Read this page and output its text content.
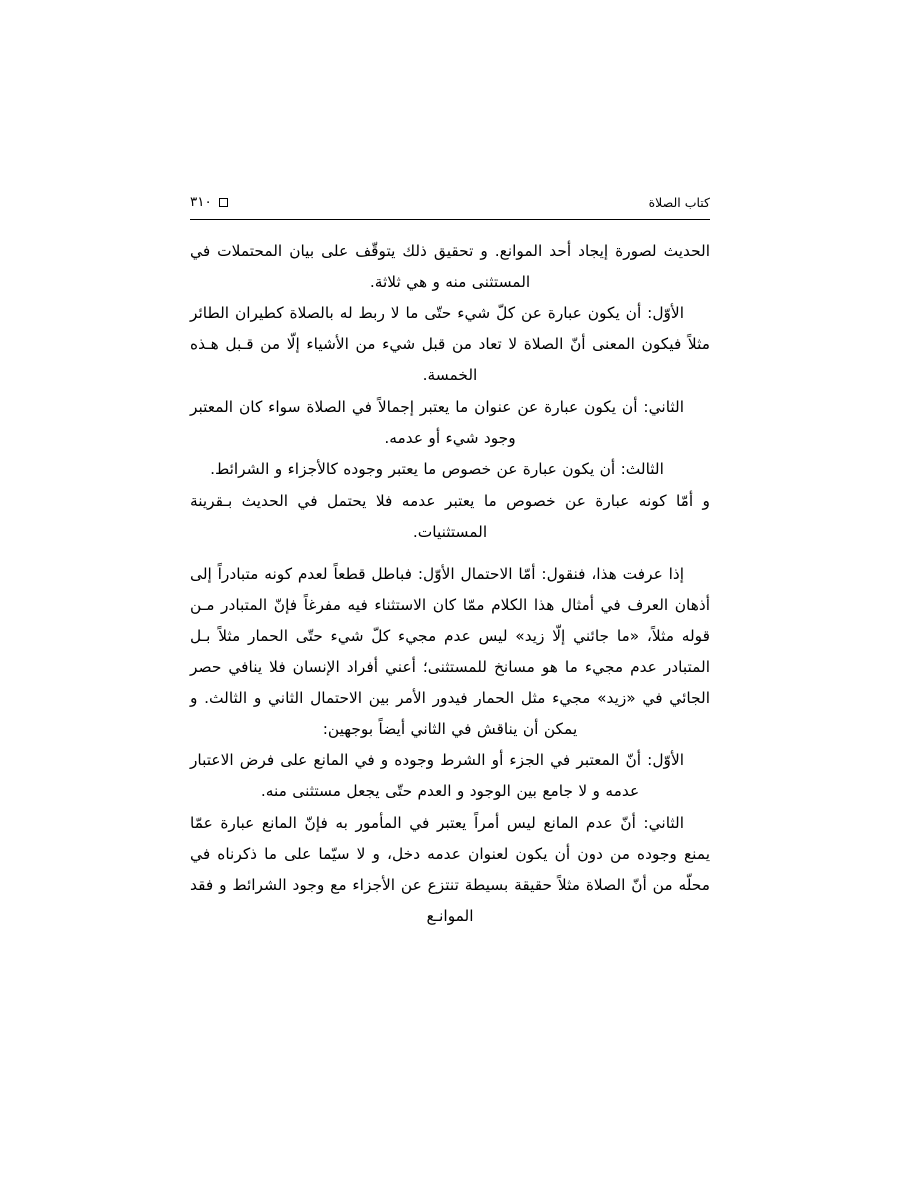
كتاب الصلاة
٣١٠

الحديث لصورة إيجاد أحد الموانع. و تحقيق ذلك يتوقّف على بيان المحتملات في المستثنى منه و هي ثلاثة.

الأوّل: أن يكون عبارة عن كلّ شيء حتّى ما لا ربط له بالصلاة كطيران الطائر مثلاً فيكون المعنى أنّ الصلاة لا تعاد من قبل شيء من الأشياء إلّا من قـبل هـذه الخمسة.

الثاني: أن يكون عبارة عن عنوان ما يعتبر إجمالاً في الصلاة سواء كان المعتبر وجود شيء أو عدمه.

الثالث: أن يكون عبارة عن خصوص ما يعتبر وجوده كالأجزاء و الشرائط.

و أمّا كونه عبارة عن خصوص ما يعتبر عدمه فلا يحتمل في الحديث بـقرينة المستثنيات.

إذا عرفت هذا، فنقول: أمّا الاحتمال الأوّل: فباطل قطعاً لعدم كونه متبادراً إلى أذهان العرف في أمثال هذا الكلام ممّا كان الاستثناء فيه مفرغاً فإنّ المتبادر مـن قوله مثلاً، «ما جائني إلّا زيد» ليس عدم مجيء كلّ شيء حتّى الحمار مثلاً بـل المتبادر عدم مجيء ما هو مسانخ للمستثنى؛ أعني أفراد الإنسان فلا ينافي حصر الجائي في «زيد» مجيء مثل الحمار فيدور الأمر بين الاحتمال الثاني و الثالث. و يمكن أن يناقش في الثاني أيضاً بوجهين:

الأوّل: أنّ المعتبر في الجزء أو الشرط وجوده و في المانع على فرض الاعتبار عدمه و لا جامع بين الوجود و العدم حتّى يجعل مستثنى منه.

الثاني: أنّ عدم المانع ليس أمراً يعتبر في المأمور به فإنّ المانع عبارة عمّا يمنع وجوده من دون أن يكون لعنوان عدمه دخل، و لا سيّما على ما ذكرناه في محلّه من أنّ الصلاة مثلاً حقيقة بسيطة تنتزع عن الأجزاء مع وجود الشرائط و فقد الموانـع
